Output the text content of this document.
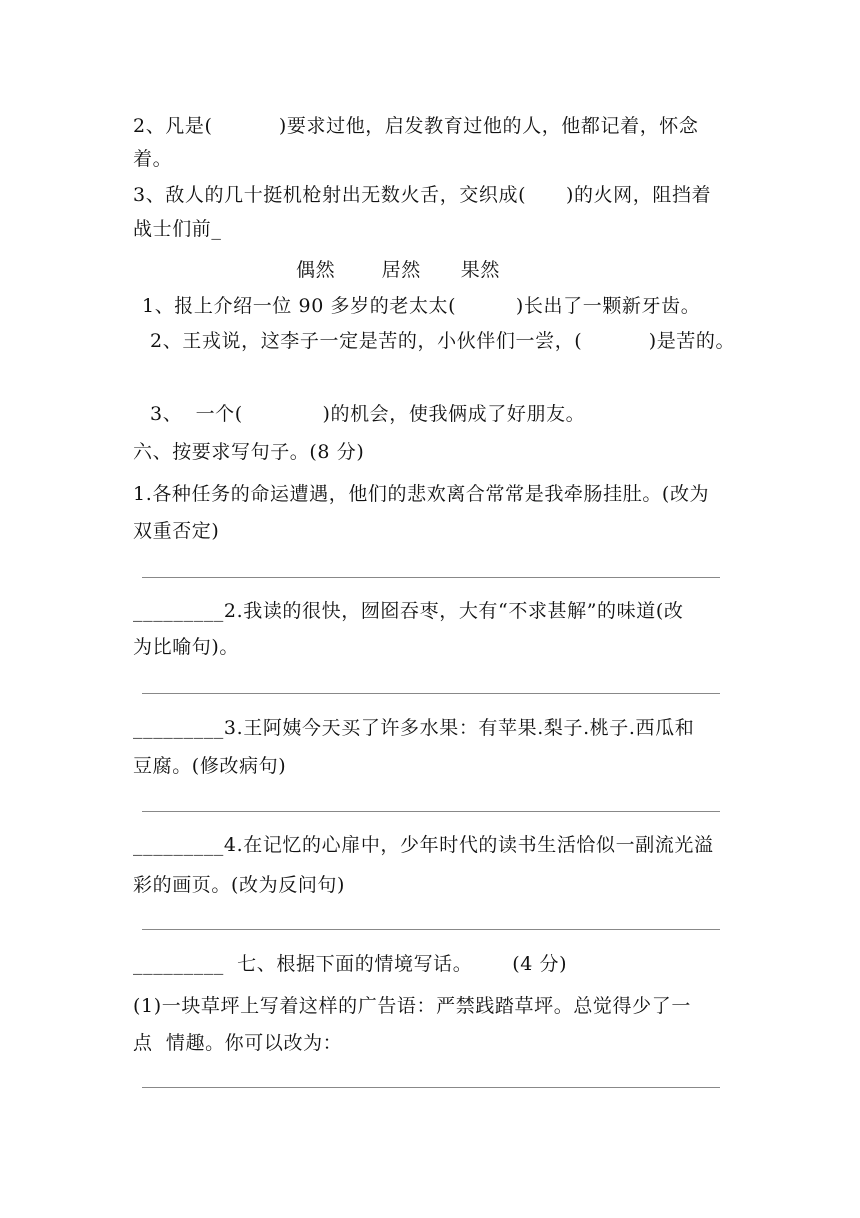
2、凡是(          )要求过他，启发教育过他的人，他都记着，怀念
着。
3、敌人的几十挺机枪射出无数火舌，交织成(      )的火网，阻挡着
战士们前_
偶然       居然      果然
1、报上介绍一位 90 多岁的老太太(         )长出了一颗新牙齿。
2、王戎说，这李子一定是苦的，小伙伴们一尝，(          )是苦的。
3、  一个(            )的机会，使我俩成了好朋友。
六、按要求写句子。(8 分)
1.各种任务的命运遭遇，他们的悲欢离合常常是我牵肠挂肚。(改为
双重否定)
_________2.我读的很快，囫囵吞枣，大有“不求甚解”的味道(改
为比喻句)。
_________3.王阿姨今天买了许多水果：有苹果.梨子.桃子.西瓜和
豆腐。(修改病句)
_________4.在记忆的心扉中，少年时代的读书生活恰似一副流光溢
彩的画页。(改为反问句)
_________  七、根据下面的情境写话。      (4 分)
(1)一块草坪上写着这样的广告语：严禁践踏草坪。总觉得少了一
点  情趣。你可以改为：
